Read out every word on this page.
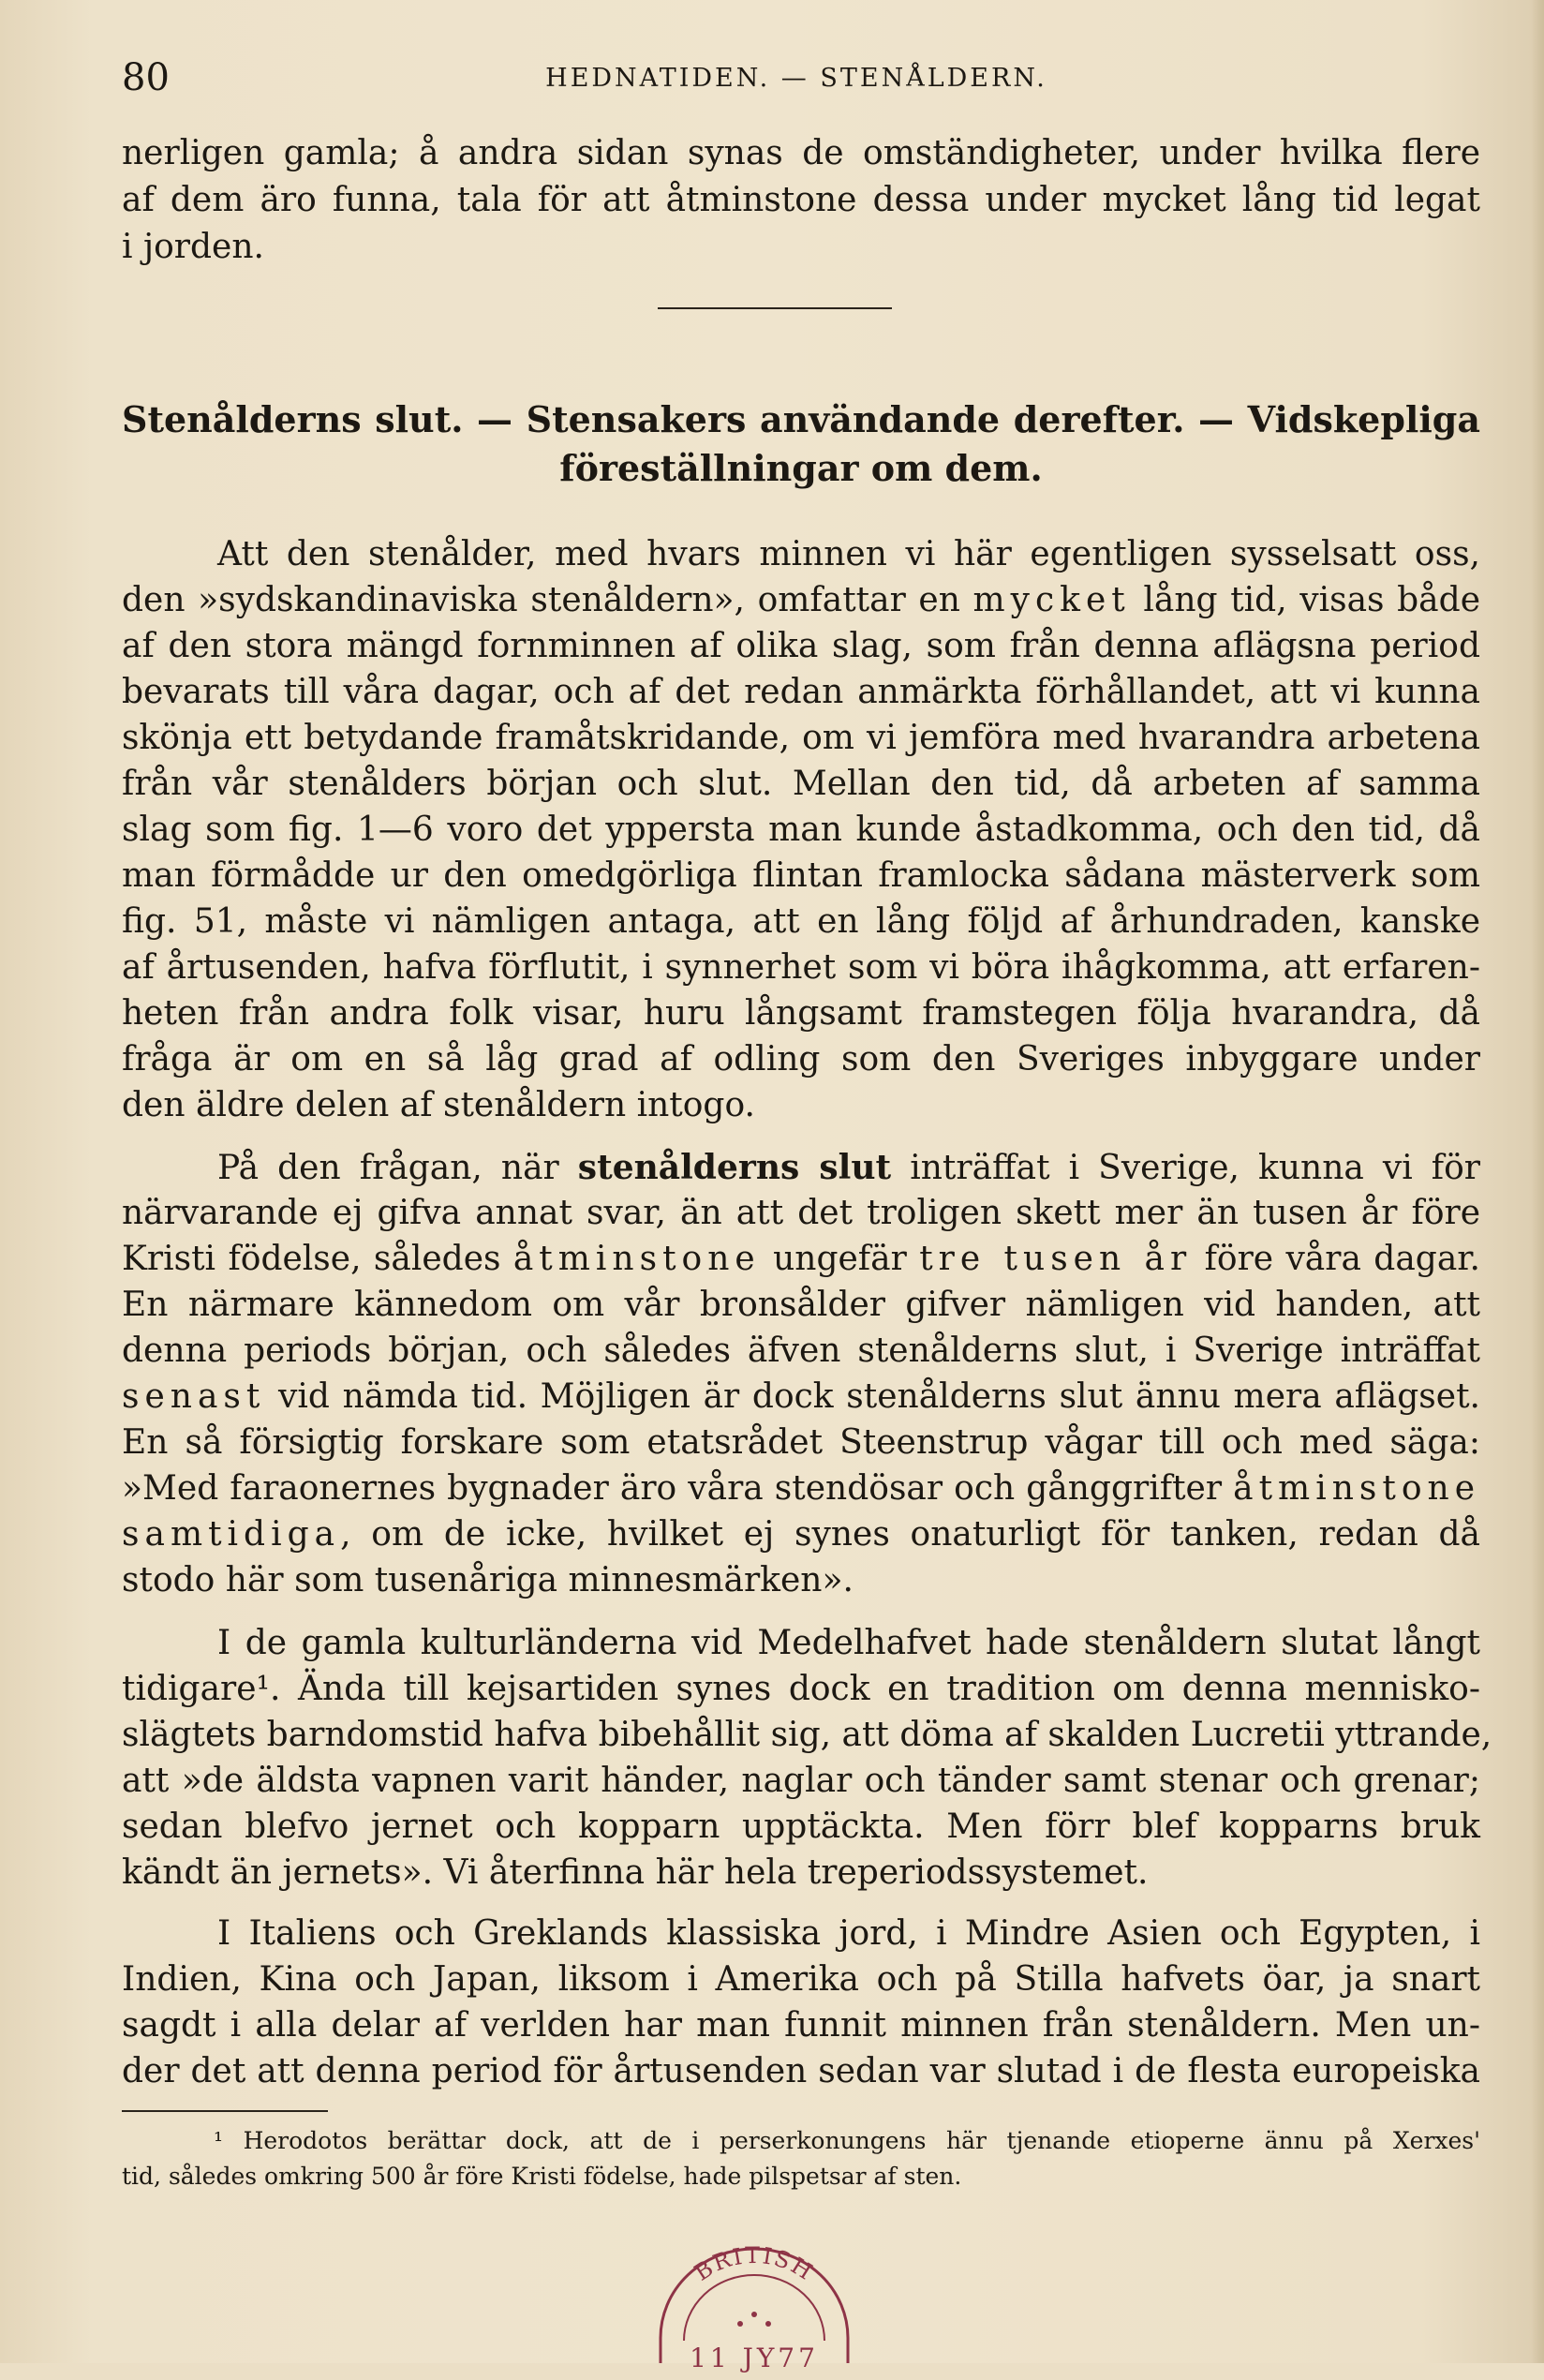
80	HEDNATIDEN. — STENÅLDERN.
nerligen gamla; å andra sidan synas de omständigheter, under hvilka flere
af dem äro funna, tala för att åtminstone dessa under mycket lång tid legat
i jorden.
Stenålderns slut. — Stensakers användande derefter. — Vidskepliga
föreställningar om dem.
Att den stenålder, med hvars minnen vi här egentligen sysselsatt oss,
den »sydskandinaviska stenåldern», omfattar en mycket lång tid, visas både
af den stora mängd fornminnen af olika slag, som från denna aflägsna period
bevarats till våra dagar, och af det redan anmärkta förhållandet, att vi kunna
skönja ett betydande framåtskridande, om vi jemföra med hvarandra arbetena
från vår stenålders början och slut. Mellan den tid, då arbeten af samma
slag som fig. 1—6 voro det yppersta man kunde åstadkomma, och den tid, då
man förmådde ur den omedgörliga flintan framlocka sådana mästerverk som
fig. 51, måste vi nämligen antaga, att en lång följd af århundraden, kanske
af årtusenden, hafva förflutit, i synnerhet som vi böra ihågkomma, att erfaren-
heten från andra folk visar, huru långsamt framstegen följa hvarandra, då
fråga är om en så låg grad af odling som den Sveriges inbyggare under
den äldre delen af stenåldern intogo.
På den frågan, när stenålderns slut inträffat i Sverige, kunna vi för
närvarande ej gifva annat svar, än att det troligen skett mer än tusen år före
Kristi födelse, således åtminstone ungefär tre tusen år före våra dagar.
En närmare kännedom om vår bronsålder gifver nämligen vid handen, att
denna periods början, och således äfven stenålderns slut, i Sverige inträffat
senast vid nämda tid. Möjligen är dock stenålderns slut ännu mera aflägset.
En så försigtig forskare som etatsrådet Steenstrup vågar till och med säga:
»Med faraonernes bygnader äro våra stendösar och gånggrifter åtminstone
samtidiga, om de icke, hvilket ej synes onaturligt för tanken, redan då
stodo här som tusenåriga minnesmärken».
I de gamla kulturländerna vid Medelhafvet hade stenåldern slutat långt
tidigare¹. Ända till kejsartiden synes dock en tradition om denna mennisko-
slägtets barndomstid hafva bibehållit sig, att döma af skalden Lucretii yttrande,
att »de äldsta vapnen varit händer, naglar och tänder samt stenar och grenar;
sedan blefvo jernet och kopparn upptäckta. Men förr blef kopparns bruk
kändt än jernets». Vi återfinna här hela treperiodssystemet.
I Italiens och Greklands klassiska jord, i Mindre Asien och Egypten, i
Indien, Kina och Japan, liksom i Amerika och på Stilla hafvets öar, ja snart
sagdt i alla delar af verlden har man funnit minnen från stenåldern. Men un-
der det att denna period för årtusenden sedan var slutad i de flesta europeiska
¹ Herodotos berättar dock, att de i perserkonungens här tjenande etioperne ännu på Xerxes'
tid, således omkring 500 år före Kristi födelse, hade pilspetsar af sten.
BRITISH
11 JY77
